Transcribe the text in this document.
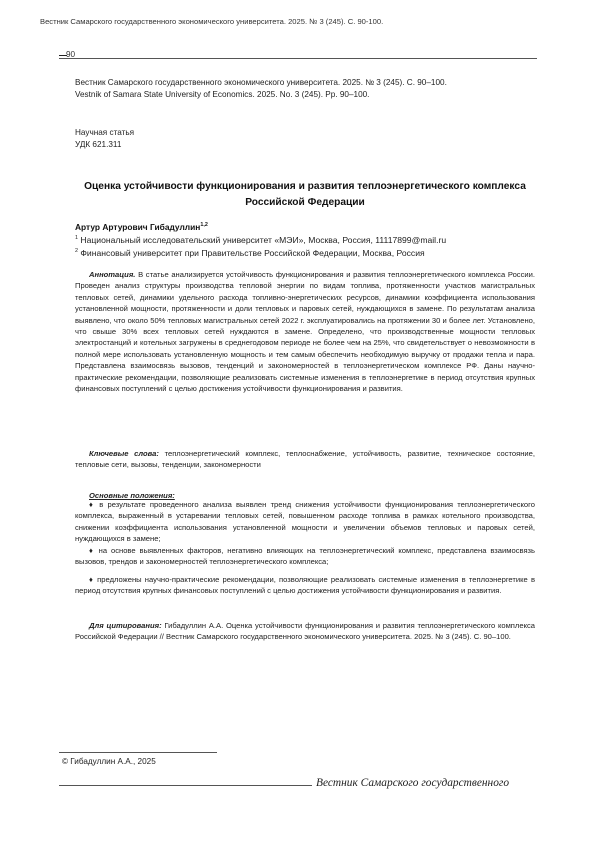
Вестник Самарского государственного экономического университета. 2025. № 3 (245). С. 90-100.
90
Вестник Самарского государственного экономического университета. 2025. № 3 (245). С. 90–100.
Vestnik of Samara State University of Economics. 2025. No. 3 (245). Pp. 90–100.
Научная статья
УДК 621.311
Оценка устойчивости функционирования и развития теплоэнергетического комплекса Российской Федерации
Артур Артурович Гибадуллин$^{1,2}$
$^1$ Национальный исследовательский университет «МЭИ», Москва, Россия, 11117899@mail.ru
$^2$ Финансовый университет при Правительстве Российской Федерации, Москва, Россия
Аннотация. В статье анализируется устойчивость функционирования и развития теплоэнергетического комплекса России. Проведен анализ структуры производства тепловой энергии по видам топлива, протяженности участков магистральных тепловых сетей, динамики удельного расхода топливно-энергетических ресурсов, динамики коэффициента использования установленной мощности, протяженности и доли тепловых и паровых сетей, нуждающихся в замене. По результатам анализа выявлено, что около 50% тепловых магистральных сетей 2022 г. эксплуатировались на протяжении 30 и более лет. Установлено, что свыше 30% всех тепловых сетей нуждаются в замене. Определено, что производственные мощности тепловых электростанций и котельных загружены в среднегодовом периоде не более чем на 25%, что свидетельствует о невозможности в полной мере использовать установленную мощность и тем самым обеспечить необходимую выручку от продажи тепла и пара. Представлена взаимосвязь вызовов, тенденций и закономерностей в теплоэнергетическом комплексе РФ. Даны научно-практические рекомендации, позволяющие реализовать системные изменения в теплоэнергетике в период отсутствия крупных финансовых поступлений с целью достижения устойчивости функционирования и развития.
Ключевые слова: теплоэнергетический комплекс, теплоснабжение, устойчивость, развитие, техническое состояние, тепловые сети, вызовы, тенденции, закономерности
Основные положения:
♦ в результате проведенного анализа выявлен тренд снижения устойчивости функционирования теплоэнергетического комплекса, выраженный в устаревании тепловых сетей, повышенном расходе топлива в рамках котельного производства, снижении коэффициента использования установленной мощности и увеличении объемов тепловых и паровых сетей, нуждающихся в замене;
♦ на основе выявленных факторов, негативно влияющих на теплоэнергетический комплекс, представлена взаимосвязь вызовов, трендов и закономерностей теплоэнергетического комплекса;
♦ предложены научно-практические рекомендации, позволяющие реализовать системные изменения в теплоэнергетике в период отсутствия крупных финансовых поступлений с целью достижения устойчивости функционирования и развития.
Для цитирования: Гибадуллин А.А. Оценка устойчивости функционирования и развития теплоэнергетического комплекса Российской Федерации // Вестник Самарского государственного экономического университета. 2025. № 3 (245). С. 90–100.
© Гибадуллин А.А., 2025
Вестник Самарского государственного
